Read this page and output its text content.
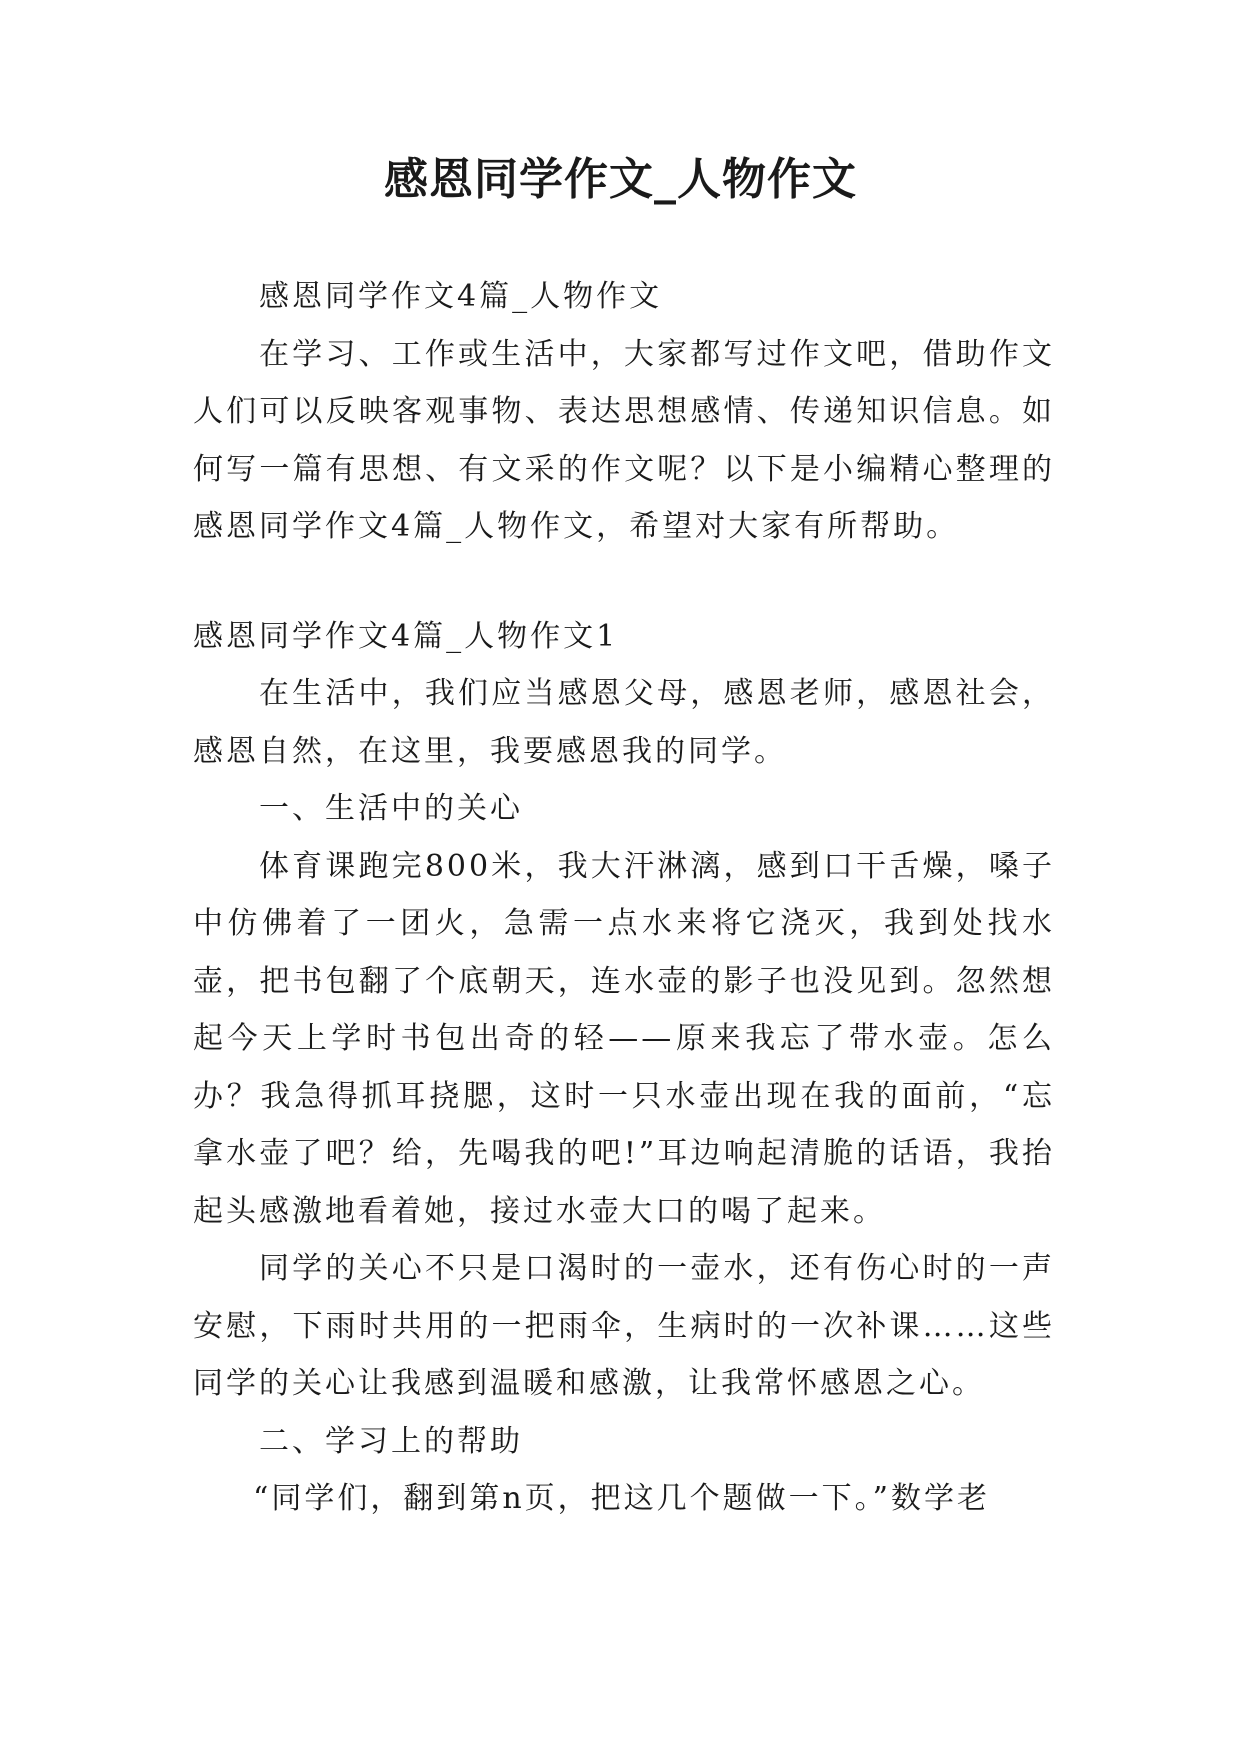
感恩同学作文_人物作文

感恩同学作文4篇_人物作文

在学习、工作或生活中，大家都写过作文吧，借助作文人们可以反映客观事物、表达思想感情、传递知识信息。如何写一篇有思想、有文采的作文呢？以下是小编精心整理的感恩同学作文4篇_人物作文，希望对大家有所帮助。

感恩同学作文4篇_人物作文1

在生活中，我们应当感恩父母，感恩老师，感恩社会，感恩自然，在这里，我要感恩我的同学。

一、生活中的关心

体育课跑完800米，我大汗淋漓，感到口干舌燥，嗓子中仿佛着了一团火，急需一点水来将它浇灭，我到处找水壶，把书包翻了个底朝天，连水壶的影子也没见到。忽然想起今天上学时书包出奇的轻——原来我忘了带水壶。怎么办？我急得抓耳挠腮，这时一只水壶出现在我的面前，“忘拿水壶了吧？给，先喝我的吧!”耳边响起清脆的话语，我抬起头感激地看着她，接过水壶大口的喝了起来。

同学的关心不只是口渴时的一壶水，还有伤心时的一声安慰，下雨时共用的一把雨伞，生病时的一次补课……这些同学的关心让我感到温暖和感激，让我常怀感恩之心。

二、学习上的帮助

“同学们，翻到第n页，把这几个题做一下。”数学老
